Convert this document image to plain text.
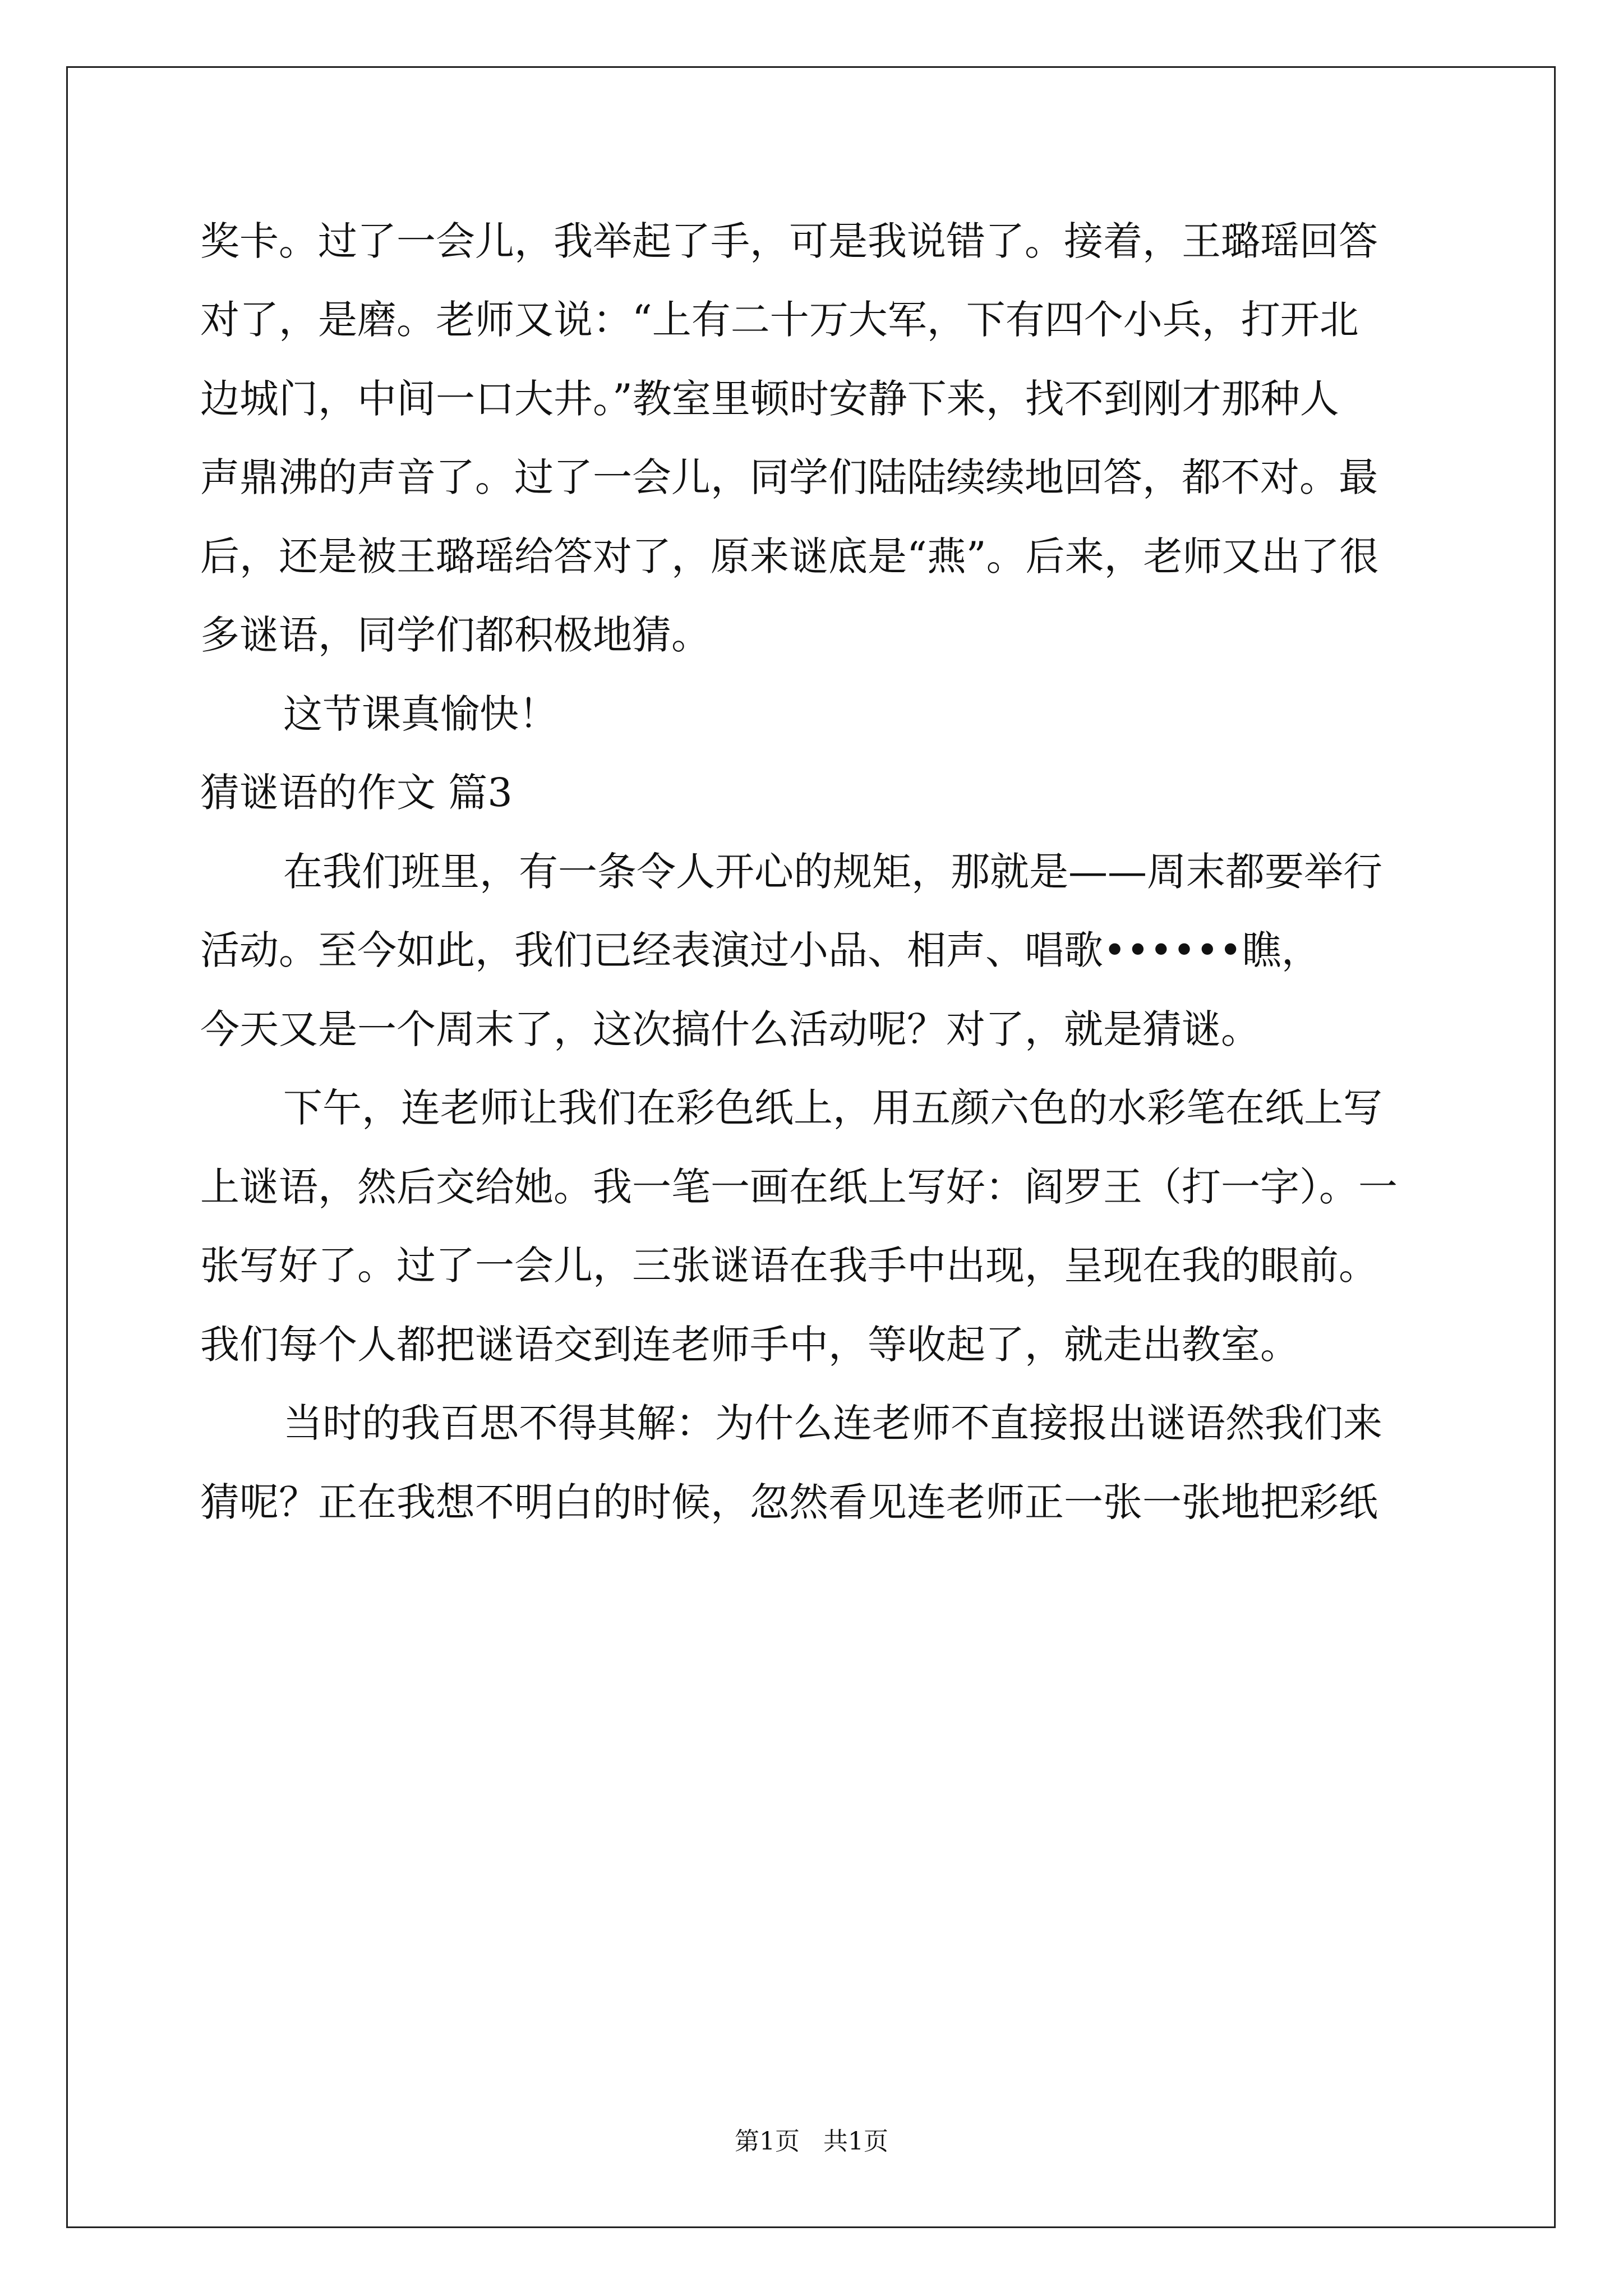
奖卡。过了一会儿，我举起了手，可是我说错了。接着，王璐瑶回答
对了，是磨。老师又说：“上有二十万大军，下有四个小兵，打开北
边城门，中间一口大井。”教室里顿时安静下来，找不到刚才那种人
声鼎沸的声音了。过了一会儿，同学们陆陆续续地回答，都不对。最
后，还是被王璐瑶给答对了，原来谜底是“燕”。后来，老师又出了很
多谜语，同学们都积极地猜。
这节课真愉快！
猜谜语的作文 篇3
在我们班里，有一条令人开心的规矩，那就是——周末都要举行
活动。至今如此，我们已经表演过小品、相声、唱歌••••••瞧，
今天又是一个周末了，这次搞什么活动呢？对了，就是猜谜。
下午，连老师让我们在彩色纸上，用五颜六色的水彩笔在纸上写
上谜语，然后交给她。我一笔一画在纸上写好：阎罗王（打一字）。一
张写好了。过了一会儿，三张谜语在我手中出现，呈现在我的眼前。
我们每个人都把谜语交到连老师手中，等收起了，就走出教室。
当时的我百思不得其解：为什么连老师不直接报出谜语然我们来
猜呢？正在我想不明白的时候，忽然看见连老师正一张一张地把彩纸
第1页   共1页
